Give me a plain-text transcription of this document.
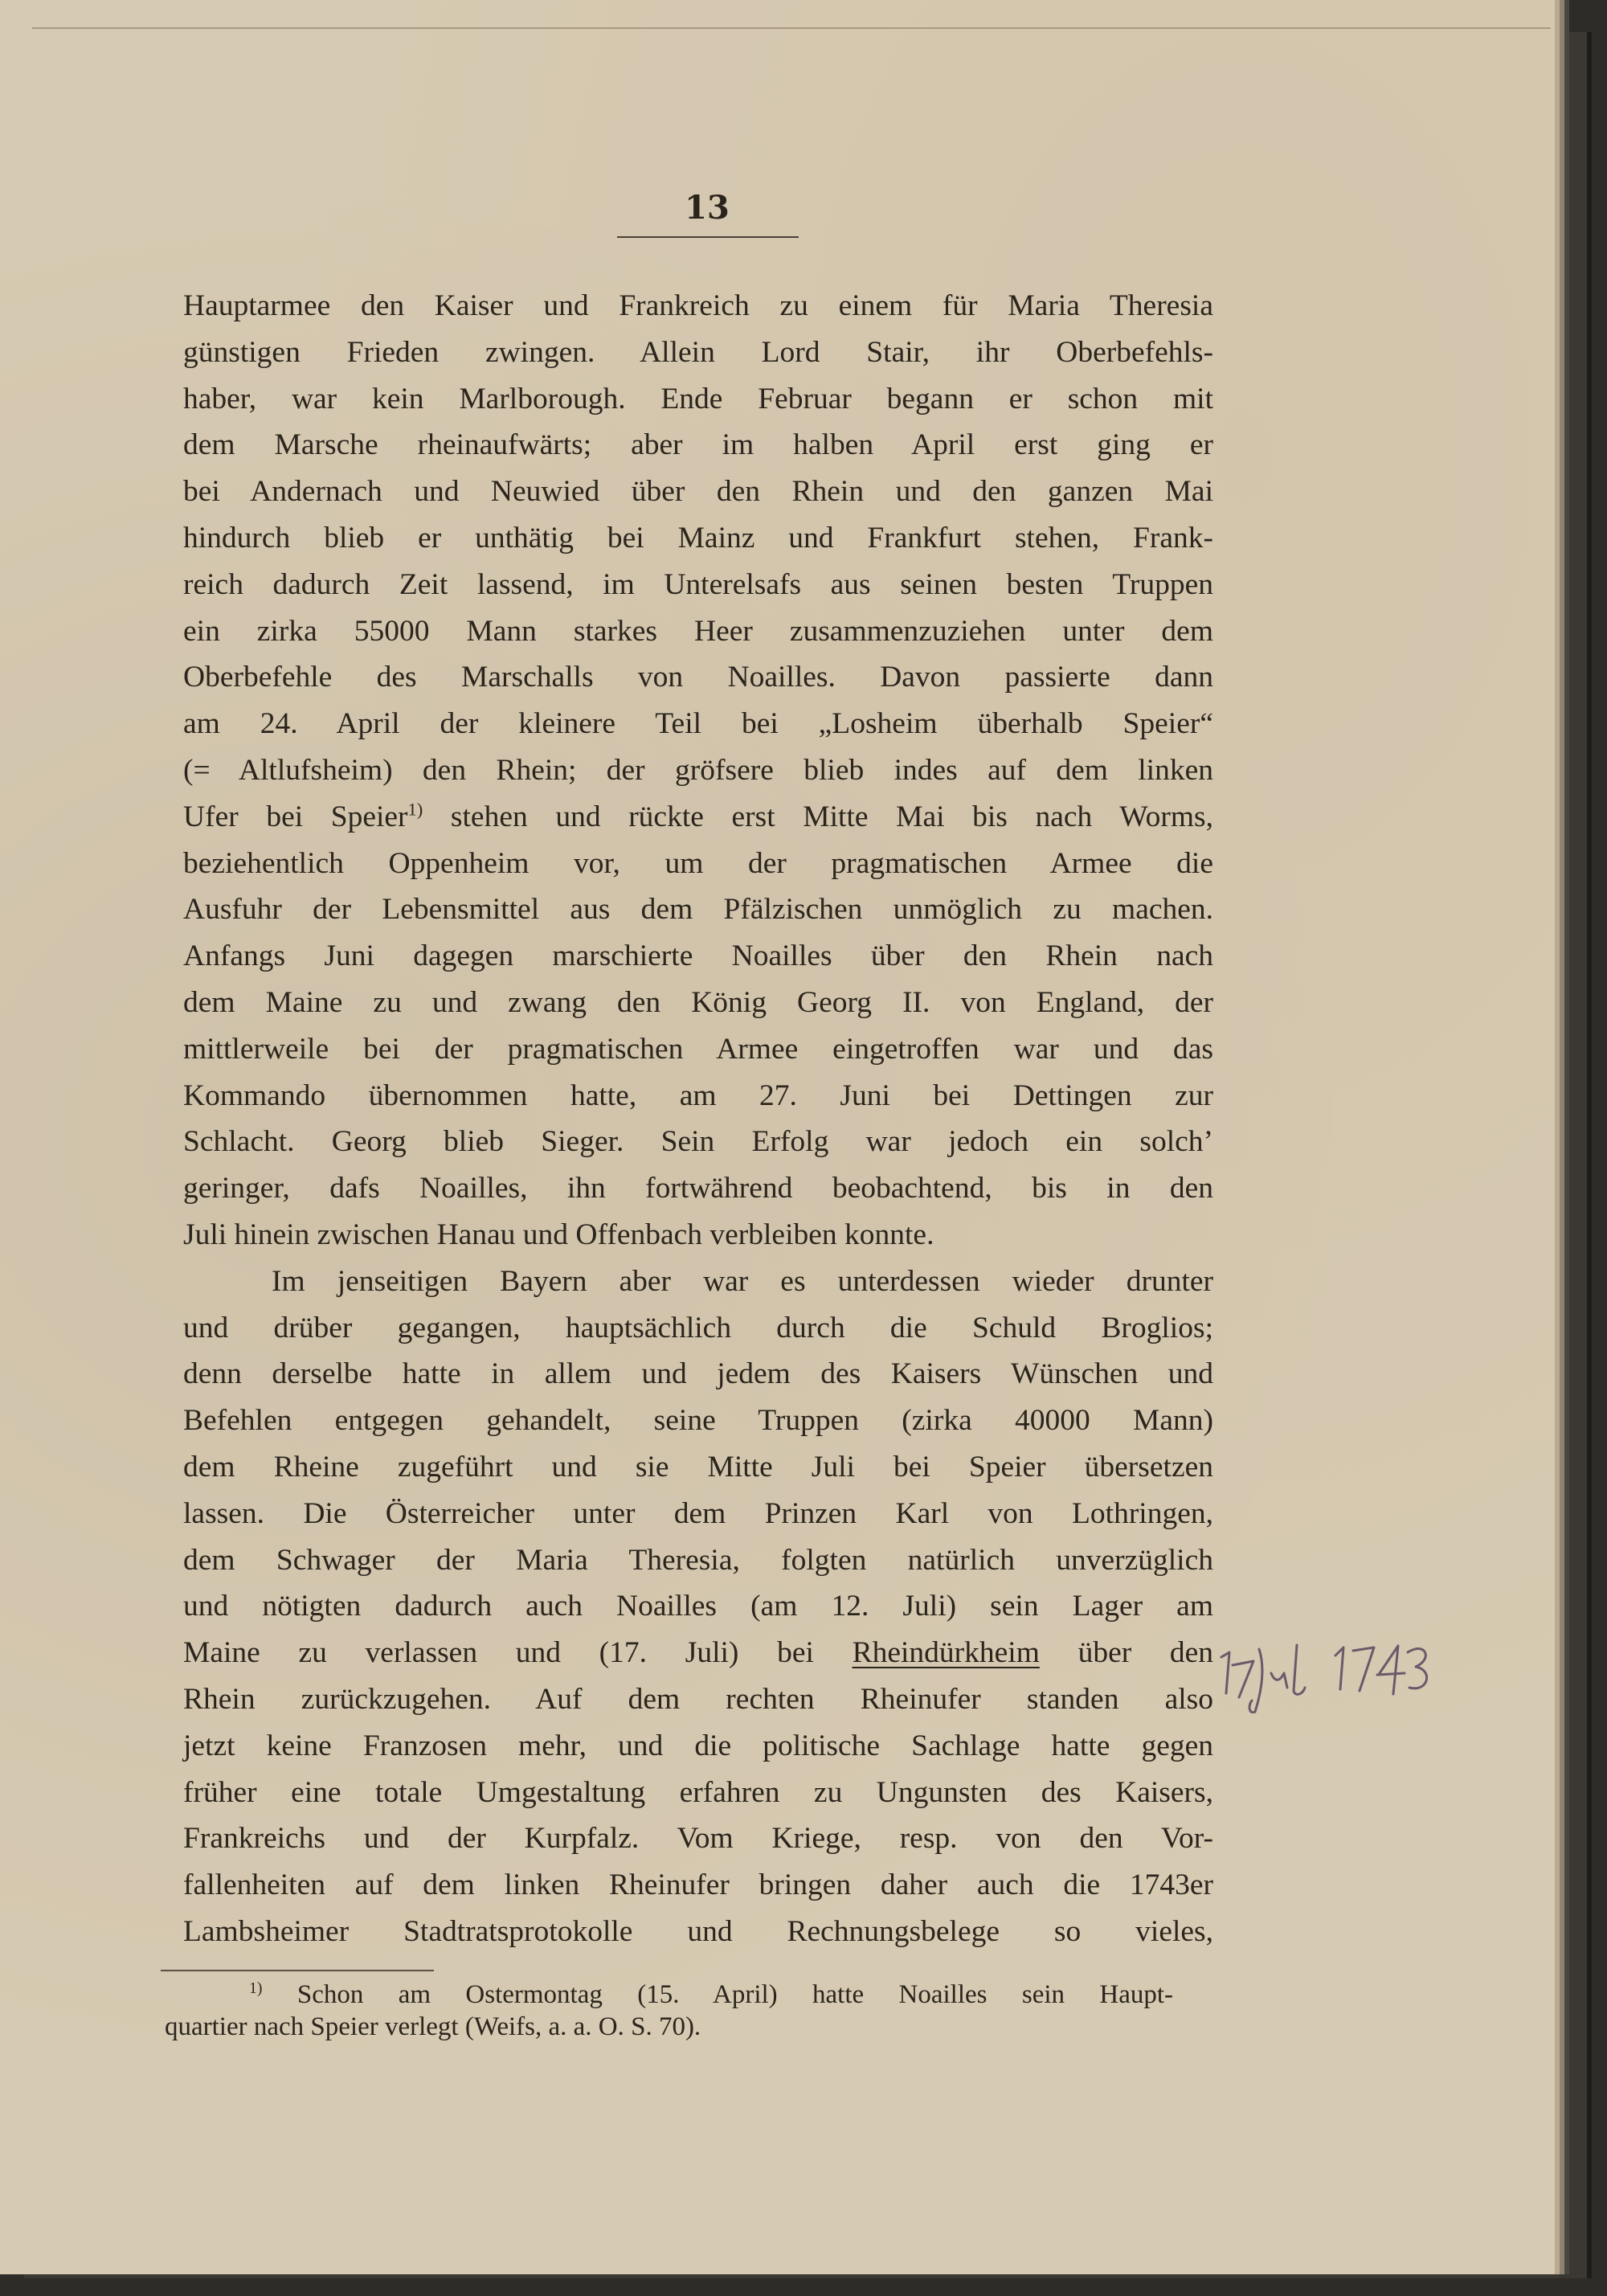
13
Hauptarmee den Kaiser und Frankreich zu einem für Maria Theresia
günstigen Frieden zwingen. Allein Lord Stair, ihr Oberbefehls-
haber, war kein Marlborough. Ende Februar begann er schon mit
dem Marsche rheinaufwärts; aber im halben April erst ging er
bei Andernach und Neuwied über den Rhein und den ganzen Mai
hindurch blieb er unthätig bei Mainz und Frankfurt stehen, Frank-
reich dadurch Zeit lassend, im Unterelsafs aus seinen besten Truppen
ein zirka 55000 Mann starkes Heer zusammenzuziehen unter dem
Oberbefehle des Marschalls von Noailles. Davon passierte dann
am 24. April der kleinere Teil bei „Losheim überhalb Speier“
(= Altlufsheim) den Rhein; der gröfsere blieb indes auf dem linken
Ufer bei Speier$^{1)}$ stehen und rückte erst Mitte Mai bis nach Worms,
beziehentlich Oppenheim vor, um der pragmatischen Armee die
Ausfuhr der Lebensmittel aus dem Pfälzischen unmöglich zu machen.
Anfangs Juni dagegen marschierte Noailles über den Rhein nach
dem Maine zu und zwang den König Georg II. von England, der
mittlerweile bei der pragmatischen Armee eingetroffen war und das
Kommando übernommen hatte, am 27. Juni bei Dettingen zur
Schlacht. Georg blieb Sieger. Sein Erfolg war jedoch ein solch’
geringer, dafs Noailles, ihn fortwährend beobachtend, bis in den
Juli hinein zwischen Hanau und Offenbach verbleiben konnte.
Im jenseitigen Bayern aber war es unterdessen wieder drunter
und drüber gegangen, hauptsächlich durch die Schuld Broglios;
denn derselbe hatte in allem und jedem des Kaisers Wünschen und
Befehlen entgegen gehandelt, seine Truppen (zirka 40000 Mann)
dem Rheine zugeführt und sie Mitte Juli bei Speier übersetzen
lassen. Die Österreicher unter dem Prinzen Karl von Lothringen,
dem Schwager der Maria Theresia, folgten natürlich unverzüglich
und nötigten dadurch auch Noailles (am 12. Juli) sein Lager am
Maine zu verlassen und (17. Juli) bei Rheindürkheim über den
Rhein zurückzugehen. Auf dem rechten Rheinufer standen also
jetzt keine Franzosen mehr, und die politische Sachlage hatte gegen
früher eine totale Umgestaltung erfahren zu Ungunsten des Kaisers,
Frankreichs und der Kurpfalz. Vom Kriege, resp. von den Vor-
fallenheiten auf dem linken Rheinufer bringen daher auch die 1743er
Lambsheimer Stadtratsprotokolle und Rechnungsbelege so vieles,
$^{1)}$ Schon am Ostermontag (15. April) hatte Noailles sein Haupt-
quartier nach Speier verlegt (Weifs, a. a. O. S. 70).
